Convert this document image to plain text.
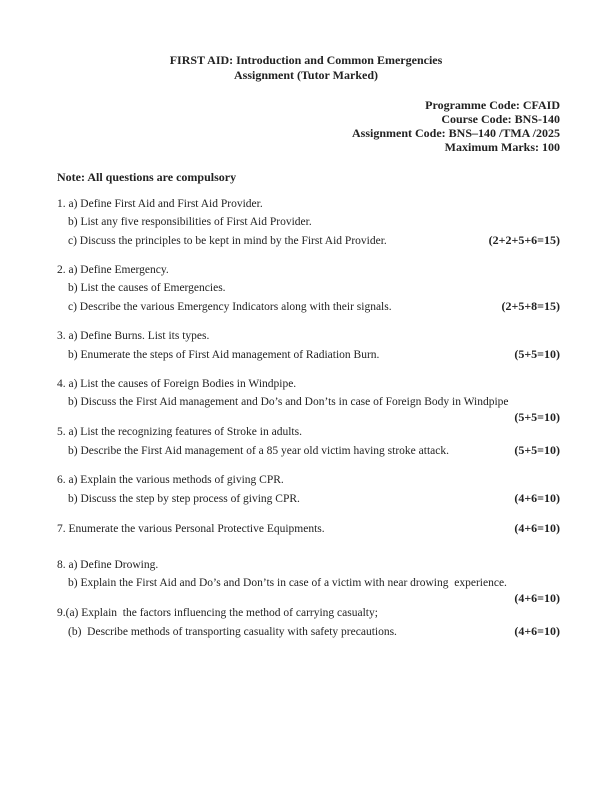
FIRST AID: Introduction and Common Emergencies
Assignment (Tutor Marked)
Programme Code: CFAID
Course Code: BNS-140
Assignment Code: BNS–140 /TMA /2025
Maximum Marks: 100
Note: All questions are compulsory
1. a) Define First Aid and First Aid Provider.
b) List any five responsibilities of First Aid Provider.
c) Discuss the principles to be kept in mind by the First Aid Provider.	(2+2+5+6=15)
2. a) Define Emergency.
b) List the causes of Emergencies.
c) Describe the various Emergency Indicators along with their signals.	(2+5+8=15)
3. a) Define Burns. List its types.
b) Enumerate the steps of First Aid management of Radiation Burn.	(5+5=10)
4. a) List the causes of Foreign Bodies in Windpipe.
b) Discuss the First Aid management and Do’s and Don’ts in case of Foreign Body in Windpipe
(5+5=10)
5. a) List the recognizing features of Stroke in adults.
b) Describe the First Aid management of a 85 year old victim having stroke attack.	(5+5=10)
6. a) Explain the various methods of giving CPR.
b) Discuss the step by step process of giving CPR.	(4+6=10)
7. Enumerate the various Personal Protective Equipments.	(4+6=10)
8. a) Define Drowing.
b) Explain the First Aid and Do’s and Don’ts in case of a victim with near drowing  experience.
(4+6=10)
9.(a) Explain  the factors influencing the method of carrying casualty;
(b)  Describe methods of transporting casuality with safety precautions.	(4+6=10)
